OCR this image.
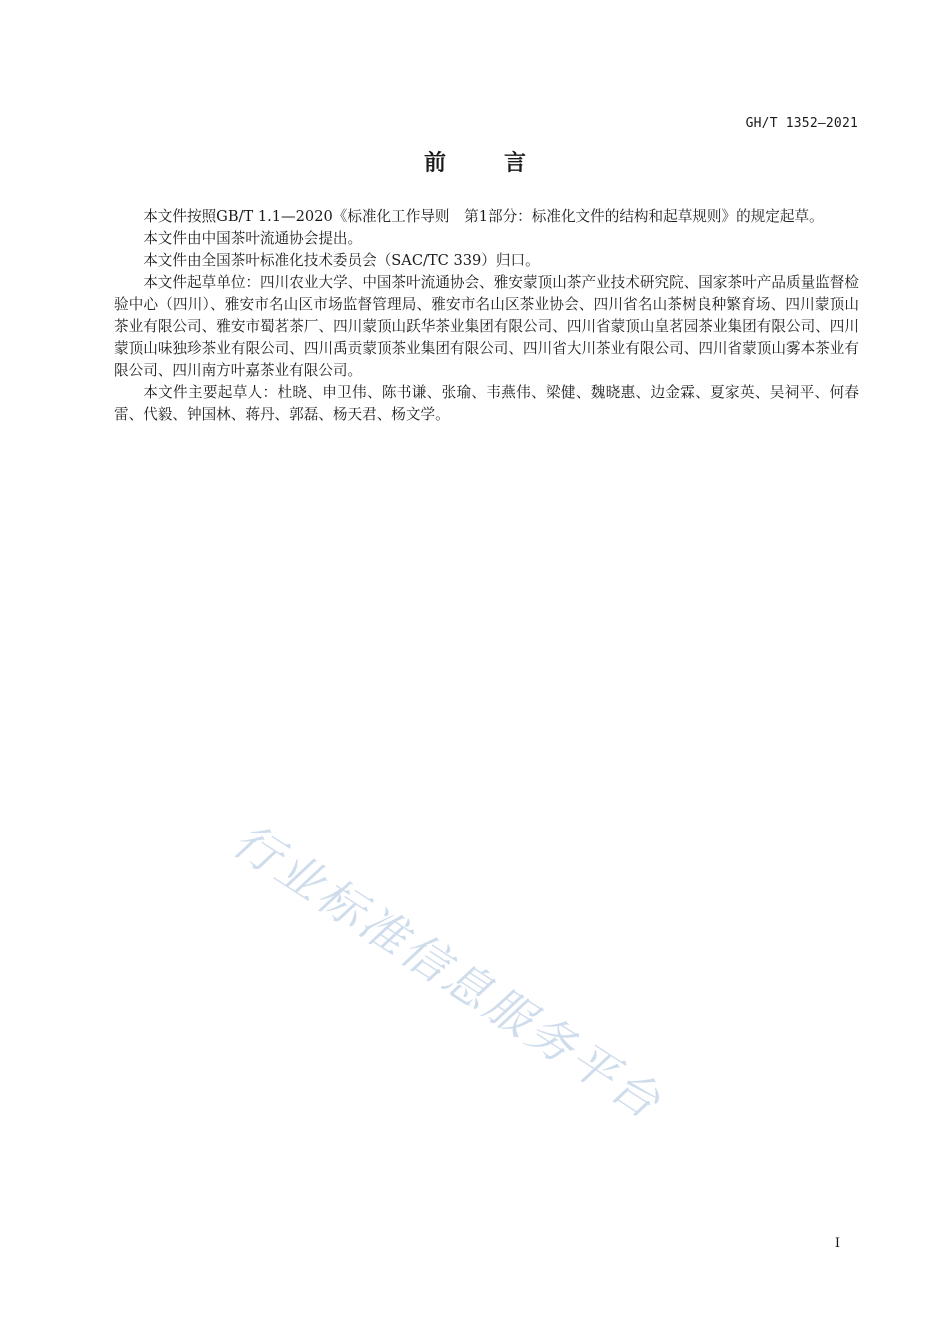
GH/T 1352—2021
前言

本文件按照GB/T 1.1—2020《标准化工作导则　第1部分：标准化文件的结构和起草规则》的规定起草。

本文件由中国茶叶流通协会提出。

本文件由全国茶叶标准化技术委员会（SAC/TC 339）归口。

本文件起草单位：四川农业大学、中国茶叶流通协会、雅安蒙顶山茶产业技术研究院、国家茶叶产品质量监督检验中心（四川）、雅安市名山区市场监督管理局、雅安市名山区茶业协会、四川省名山茶树良种繁育场、四川蒙顶山茶业有限公司、雅安市蜀茗茶厂、四川蒙顶山跃华茶业集团有限公司、四川省蒙顶山皇茗园茶业集团有限公司、四川蒙顶山味独珍茶业有限公司、四川禹贡蒙顶茶业集团有限公司、四川省大川茶业有限公司、四川省蒙顶山雾本茶业有限公司、四川南方叶嘉茶业有限公司。

本文件主要起草人：杜晓、申卫伟、陈书谦、张瑜、韦燕伟、梁健、魏晓惠、边金霖、夏家英、吴祠平、何春雷、代毅、钟国林、蒋丹、郭磊、杨天君、杨文学。

行业标准信息服务平台
I
